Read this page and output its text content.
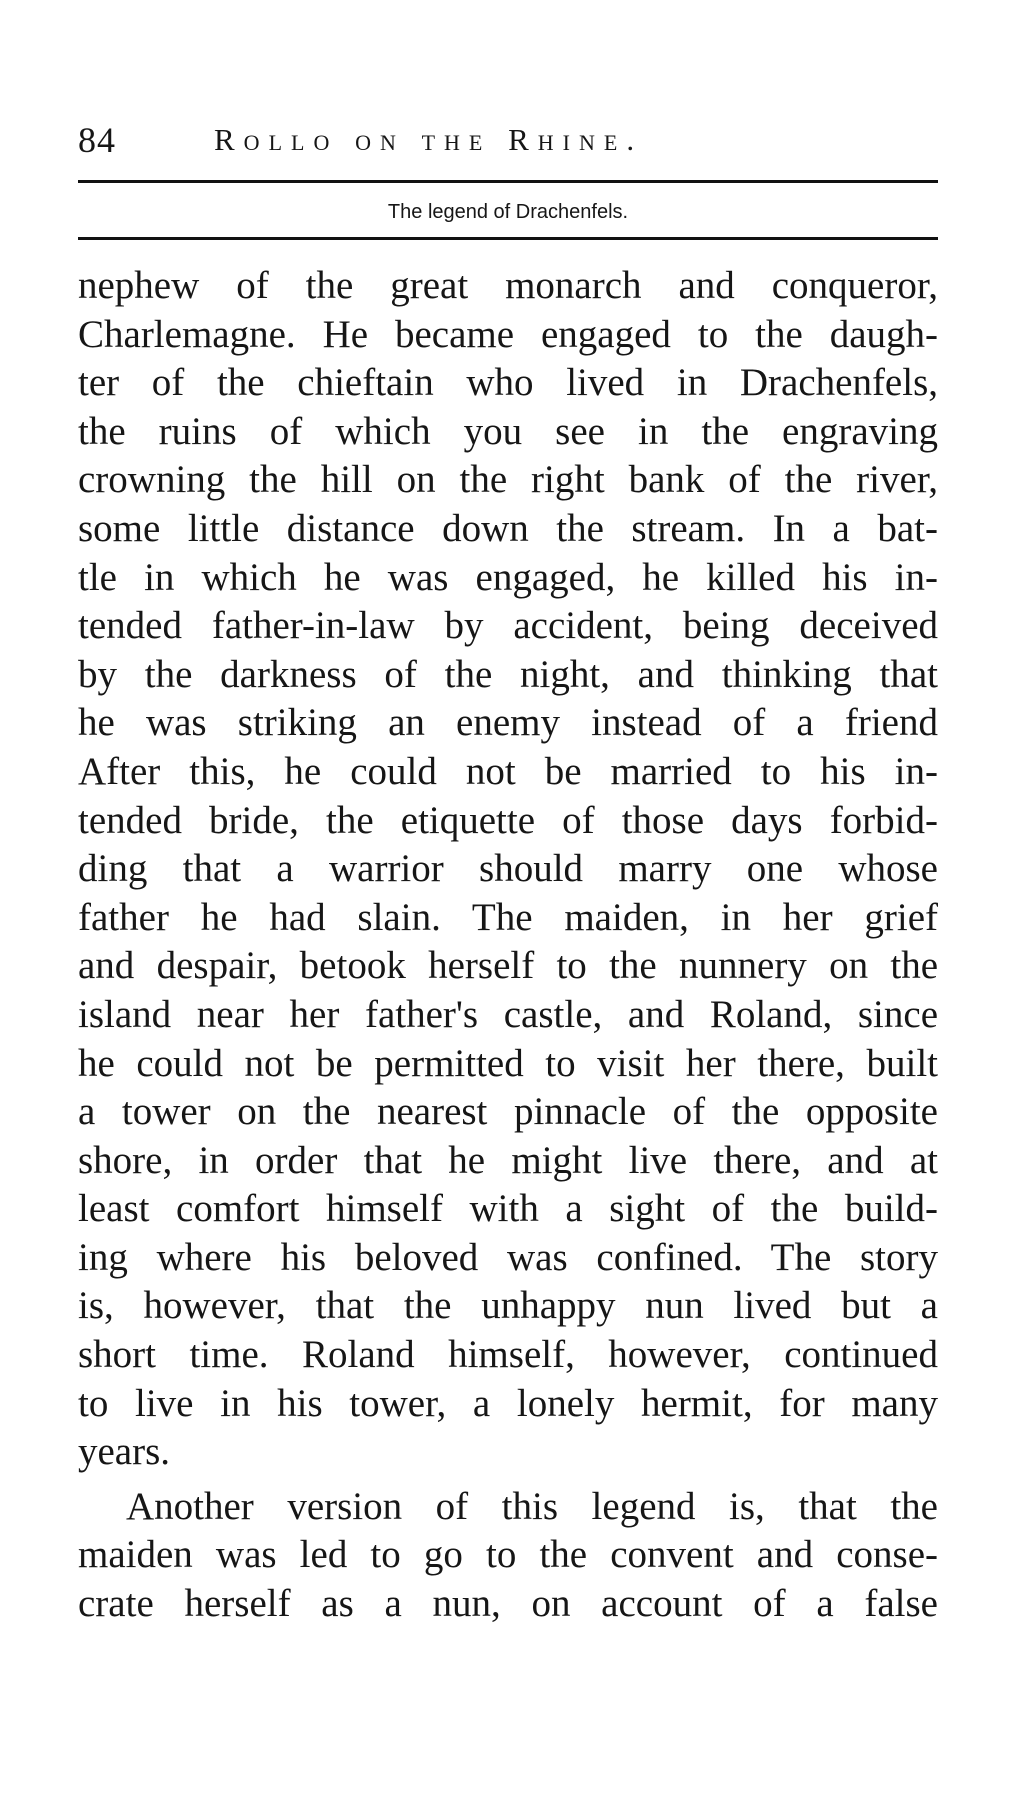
84	Rollo on the Rhine.
The legend of Drachenfels.
nephew of the great monarch and conqueror,
Charlemagne. He became engaged to the daugh-
ter of the chieftain who lived in Drachenfels,
the ruins of which you see in the engraving
crowning the hill on the right bank of the river,
some little distance down the stream. In a bat-
tle in which he was engaged, he killed his in-
tended father-in-law by accident, being deceived
by the darkness of the night, and thinking that
he was striking an enemy instead of a friend
After this, he could not be married to his in-
tended bride, the etiquette of those days forbid-
ding that a warrior should marry one whose
father he had slain. The maiden, in her grief
and despair, betook herself to the nunnery on the
island near her father's castle, and Roland, since
he could not be permitted to visit her there, built
a tower on the nearest pinnacle of the opposite
shore, in order that he might live there, and at
least comfort himself with a sight of the build-
ing where his beloved was confined. The story
is, however, that the unhappy nun lived but a
short time. Roland himself, however, continued
to live in his tower, a lonely hermit, for many
years.
Another version of this legend is, that the
maiden was led to go to the convent and conse-
crate herself as a nun, on account of a false
